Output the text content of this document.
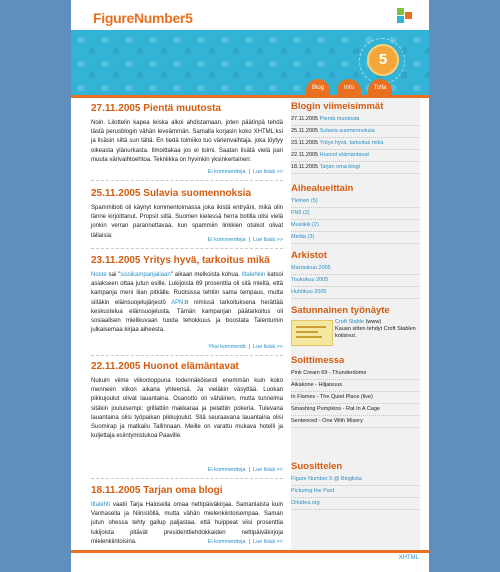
FigureNumber5
5
Blog	Info	Tolfa
27.11.2005 Pientä muutosta

Noin. Lilottelin kapea leiska alkoi ahdistamaan, joten päätinpä tehdä tästä perusblogin vähän leveämmän. Samalla korjasin koko XHTML:ksi ja lisäsin siltä sun tältä. En tiedä toimiiko tuo värienvaihtaja, joka löytyy oikeasta ylänurkasta. Ilmoittakaa jos ei toimi. Saatan lisätä vielä pari muuta värivaihtoehtoa. Tekniikka on hyvinkin yksinkertainen:

Ei kommentteja | Lue lisää >>
25.11.2005 Sulavia suomennoksia

Spammiboti oli käynyt kommentoimassa joka ikistä entryäni, mikä olin tänne kirjoittanut. Propsit siitä. Suomen kielessä herra botilla olisi vielä jonkin verran parannettavaa, kun spammiin linkkien otsikot olivat tällaisia:

Ei kommentteja | Lue lisää >>
23.11.2005 Yritys hyvä, tarkoitus mikä

Noste sai "sissikampanjaliaan" aikaan melkoista kohua. Iltalehkin katsoi asiakseen ottaa jutun esille. Lukijoista 69 prosenttia oli sitä mieltä, että kampanja meni liian pitkälle. Ruotsissa tehtiin sama tempaus, mutta siitäkin eläinsuojelujärjestö APN:n nimissä tarkoituksena herättää keskustelua eläinsuojelusta. Tämän kampanjan päätarkoitus oli sosiaalisen mielikuvaan tuoda tehokkuus ja boostata Talentumin julkaisemaa kirjaa aiheesta.

Yksi kommentti | Lue lisää >>
22.11.2005 Huonot elämäntavat

Nukuin viime viikonloppuna todennäköisesti enemmän kuin koko menneen viikon aikana yhteensä. Ja vieläkin väsyttää. Luokan pikkujoulut olivat lauantaina. Osanotto oli vähäinen, mutta tunnelma sitäkin jouluisempi: grillattiin makkaraa ja pelattiin pokeria. Tulevana lauantaina olisi työpaikan pikkujoulut. Sitä seuraavana lauantaina olisi Suomirap ja matkailu Tallinnaan. Meille on varattu mukava hotelli ja kuljettaja esiintymistukoa Paaville.

Ei kommentteja | Lue lisää >>
18.11.2005 Tarjan oma blogi

Iltalehti vaatii Tarja Halosella omaa nettipäiväkirjaa. Samanlaista kuin Vanhasella ja Niinistöllä, mutta vähän mielenkiintoisempaa. Saman jutun ohessa tehty gallup paljastaa, että huippeat viisi prosenttia lukijoista pitävät presidenttiehdokkaiden nettipäiväkirjoja mielenkiintoisina.	Ei kommentteja | Lue lisää >>
Blogin viimeisimmät
27.11.2005 Pientä muutosta
25.11.2005 Sulavia suomennoksia
23.11.2005 Yritys hyvä, tarkoitus mikä
22.11.2005 Huonot elämäntavat
18.11.2005 Tarjan oma blogi
Aihealueittain
Yleinen (5)
FN5 (2)
Musiikki (2)
Media (3)
Arkistot
Marraskuu 2005
Toukokuu 2005
Huhtikuu 2005
Satunnainen työnäyte
Croft Stable (www)
Kauan sitten tehdyt Croft Stablen kotisivut.
Soittimessa
Pink Cream 69 - Thunderdome
Aikakone - Hiljaisuus
In Flames - The Quiet Place (live)
Smashing Pumpkins - Rat In A Cage
Sentenced - One With Misery
Suosittelen
Figure Number 5 @ Bloglista
Picturing the Past
Orkidea.org
XHTML
